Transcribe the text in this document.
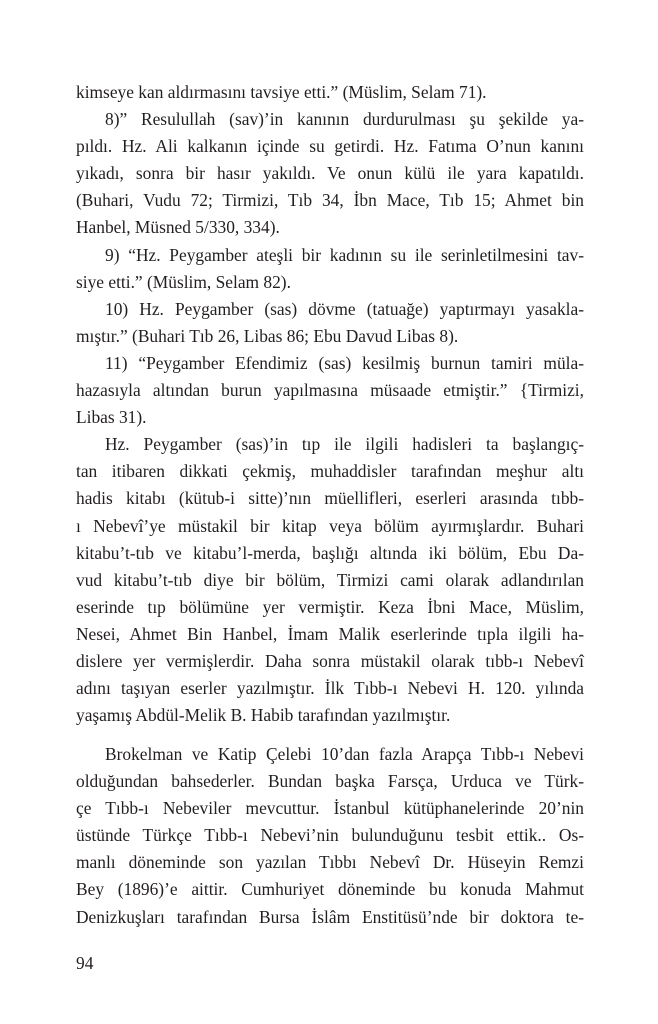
kimseye kan aldırmasını tavsiye etti.” (Müslim, Selam 71).
8)” Resulullah (sav)’in kanının durdurulması şu şekilde ya-
pıldı. Hz. Ali kalkanın içinde su getirdi. Hz. Fatıma O’nun kanını
yıkadı, sonra bir hasır yakıldı. Ve onun külü ile yara kapatıldı.
(Buhari, Vudu 72; Tirmizi, Tıb 34, İbn Mace, Tıb 15; Ahmet bin
Hanbel, Müsned 5/330, 334).
9) “Hz. Peygamber ateşli bir kadının su ile serinletilmesini tav-
siye etti.” (Müslim, Selam 82).
10) Hz. Peygamber (sas) dövme (tatuağe) yaptırmayı yasakla-
mıştır.” (Buhari Tıb 26, Libas 86; Ebu Davud Libas 8).
11) “Peygamber Efendimiz (sas) kesilmiş burnun tamiri müla-
hazasıyla altından burun yapılmasına müsaade etmiştir.” {Tirmizi,
Libas 31).
Hz. Peygamber (sas)’in tıp ile ilgili hadisleri ta başlangıç-
tan itibaren dikkati çekmiş, muhaddisler tarafından meşhur altı
hadis kitabı (kütub-i sitte)’nın müellifleri, eserleri arasında tıbb-
ı Nebevî’ye müstakil bir kitap veya bölüm ayırmışlardır. Buhari
kitabu’t-tıb ve kitabu’l-merda, başlığı altında iki bölüm, Ebu Da-
vud kitabu’t-tıb diye bir bölüm, Tirmizi cami olarak adlandırılan
eserinde tıp bölümüne yer vermiştir. Keza İbni Mace, Müslim,
Nesei, Ahmet Bin Hanbel, İmam Malik eserlerinde tıpla ilgili ha-
dislere yer vermişlerdir. Daha sonra müstakil olarak tıbb-ı Nebevî
adını taşıyan eserler yazılmıştır. İlk Tıbb-ı Nebevi H. 120. yılında
yaşamış Abdül-Melik B. Habib tarafından yazılmıştır.
Brokelman ve Katip Çelebi 10’dan fazla Arapça Tıbb-ı Nebevi
olduğundan bahsederler. Bundan başka Farsça, Urduca ve Türk-
çe Tıbb-ı Nebeviler mevcuttur. İstanbul kütüphanelerinde 20’nin
üstünde Türkçe Tıbb-ı Nebevi’nin bulunduğunu tesbit ettik.. Os-
manlı döneminde son yazılan Tıbbı Nebevî Dr. Hüseyin Remzi
Bey (1896)’e aittir. Cumhuriyet döneminde bu konuda Mahmut
Denizkuşları tarafından Bursa İslâm Enstitüsü’nde bir doktora te-
94
